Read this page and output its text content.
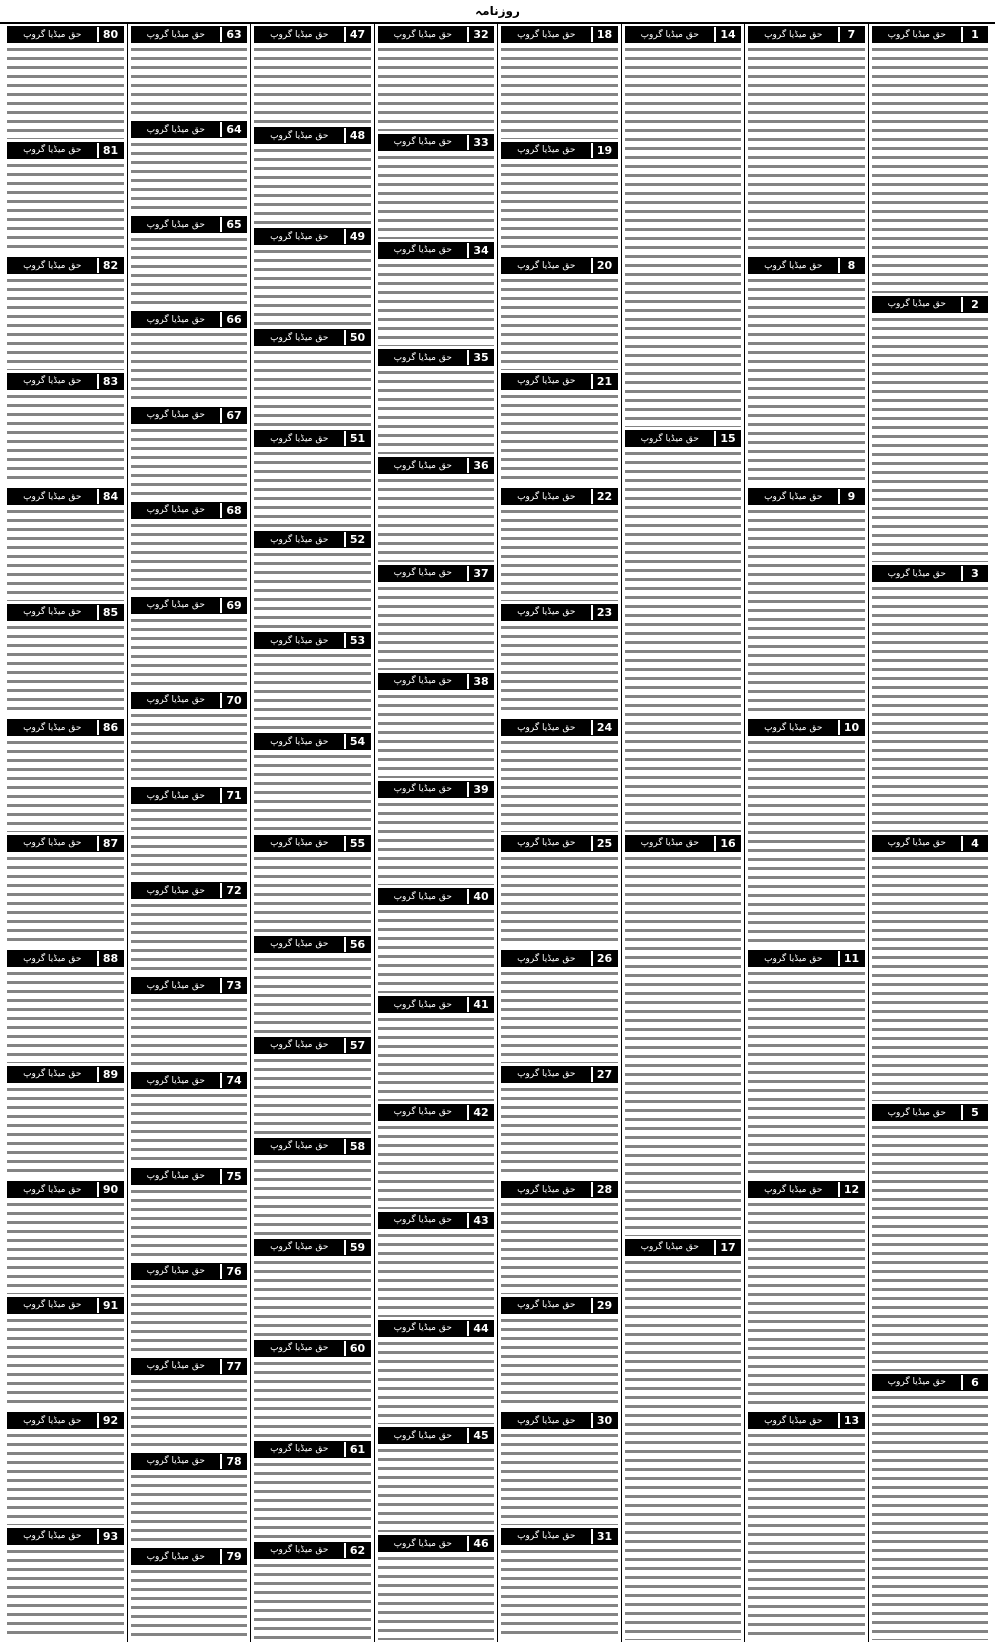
روزنامہ
1
حق میڈیا گروپ
2
حق میڈیا گروپ
3
حق میڈیا گروپ
4
حق میڈیا گروپ
5
حق میڈیا گروپ
6
حق میڈیا گروپ
7
حق میڈیا گروپ
8
حق میڈیا گروپ
9
حق میڈیا گروپ
10
حق میڈیا گروپ
11
حق میڈیا گروپ
12
حق میڈیا گروپ
13
حق میڈیا گروپ
14
حق میڈیا گروپ
15
حق میڈیا گروپ
16
حق میڈیا گروپ
17
حق میڈیا گروپ
18
حق میڈیا گروپ
19
حق میڈیا گروپ
20
حق میڈیا گروپ
21
حق میڈیا گروپ
22
حق میڈیا گروپ
23
حق میڈیا گروپ
24
حق میڈیا گروپ
25
حق میڈیا گروپ
26
حق میڈیا گروپ
27
حق میڈیا گروپ
28
حق میڈیا گروپ
29
حق میڈیا گروپ
30
حق میڈیا گروپ
31
حق میڈیا گروپ
32
حق میڈیا گروپ
33
حق میڈیا گروپ
34
حق میڈیا گروپ
35
حق میڈیا گروپ
36
حق میڈیا گروپ
37
حق میڈیا گروپ
38
حق میڈیا گروپ
39
حق میڈیا گروپ
40
حق میڈیا گروپ
41
حق میڈیا گروپ
42
حق میڈیا گروپ
43
حق میڈیا گروپ
44
حق میڈیا گروپ
45
حق میڈیا گروپ
46
حق میڈیا گروپ
47
حق میڈیا گروپ
48
حق میڈیا گروپ
49
حق میڈیا گروپ
50
حق میڈیا گروپ
51
حق میڈیا گروپ
52
حق میڈیا گروپ
53
حق میڈیا گروپ
54
حق میڈیا گروپ
55
حق میڈیا گروپ
56
حق میڈیا گروپ
57
حق میڈیا گروپ
58
حق میڈیا گروپ
59
حق میڈیا گروپ
60
حق میڈیا گروپ
61
حق میڈیا گروپ
62
حق میڈیا گروپ
63
حق میڈیا گروپ
64
حق میڈیا گروپ
65
حق میڈیا گروپ
66
حق میڈیا گروپ
67
حق میڈیا گروپ
68
حق میڈیا گروپ
69
حق میڈیا گروپ
70
حق میڈیا گروپ
71
حق میڈیا گروپ
72
حق میڈیا گروپ
73
حق میڈیا گروپ
74
حق میڈیا گروپ
75
حق میڈیا گروپ
76
حق میڈیا گروپ
77
حق میڈیا گروپ
78
حق میڈیا گروپ
79
حق میڈیا گروپ
80
حق میڈیا گروپ
81
حق میڈیا گروپ
82
حق میڈیا گروپ
83
حق میڈیا گروپ
84
حق میڈیا گروپ
85
حق میڈیا گروپ
86
حق میڈیا گروپ
87
حق میڈیا گروپ
88
حق میڈیا گروپ
89
حق میڈیا گروپ
90
حق میڈیا گروپ
91
حق میڈیا گروپ
92
حق میڈیا گروپ
93
حق میڈیا گروپ
